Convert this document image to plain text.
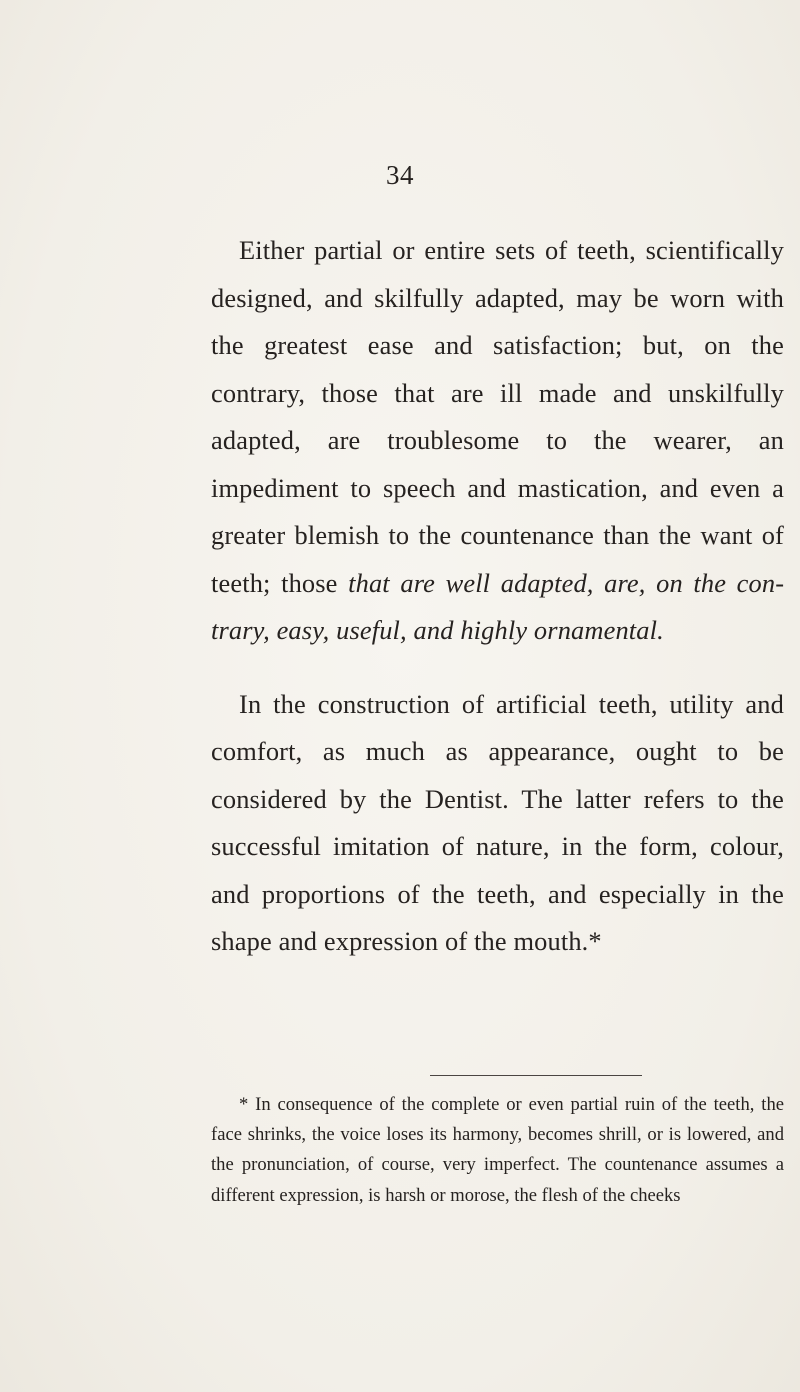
34

Either partial or entire sets of teeth, scientifically designed, and skilfully adapted, may be worn with the greatest ease and satisfaction; but, on the contrary, those that are ill made and unskilfully adapted, are troublesome to the wearer, an impediment to speech and mastication, and even a greater blemish to the countenance than the want of teeth; those that are well adapted, are, on the contrary, easy, useful, and highly ornamental.

In the construction of artificial teeth, utility and comfort, as much as appearance, ought to be considered by the Dentist. The latter refers to the successful imitation of nature, in the form, colour, and proportions of the teeth, and especially in the shape and expression of the mouth.*

* In consequence of the complete or even partial ruin of the teeth, the face shrinks, the voice loses its harmony, becomes shrill, or is lowered, and the pronunciation, of course, very imperfect. The countenance assumes a different expression, is harsh or morose, the flesh of the cheeks
